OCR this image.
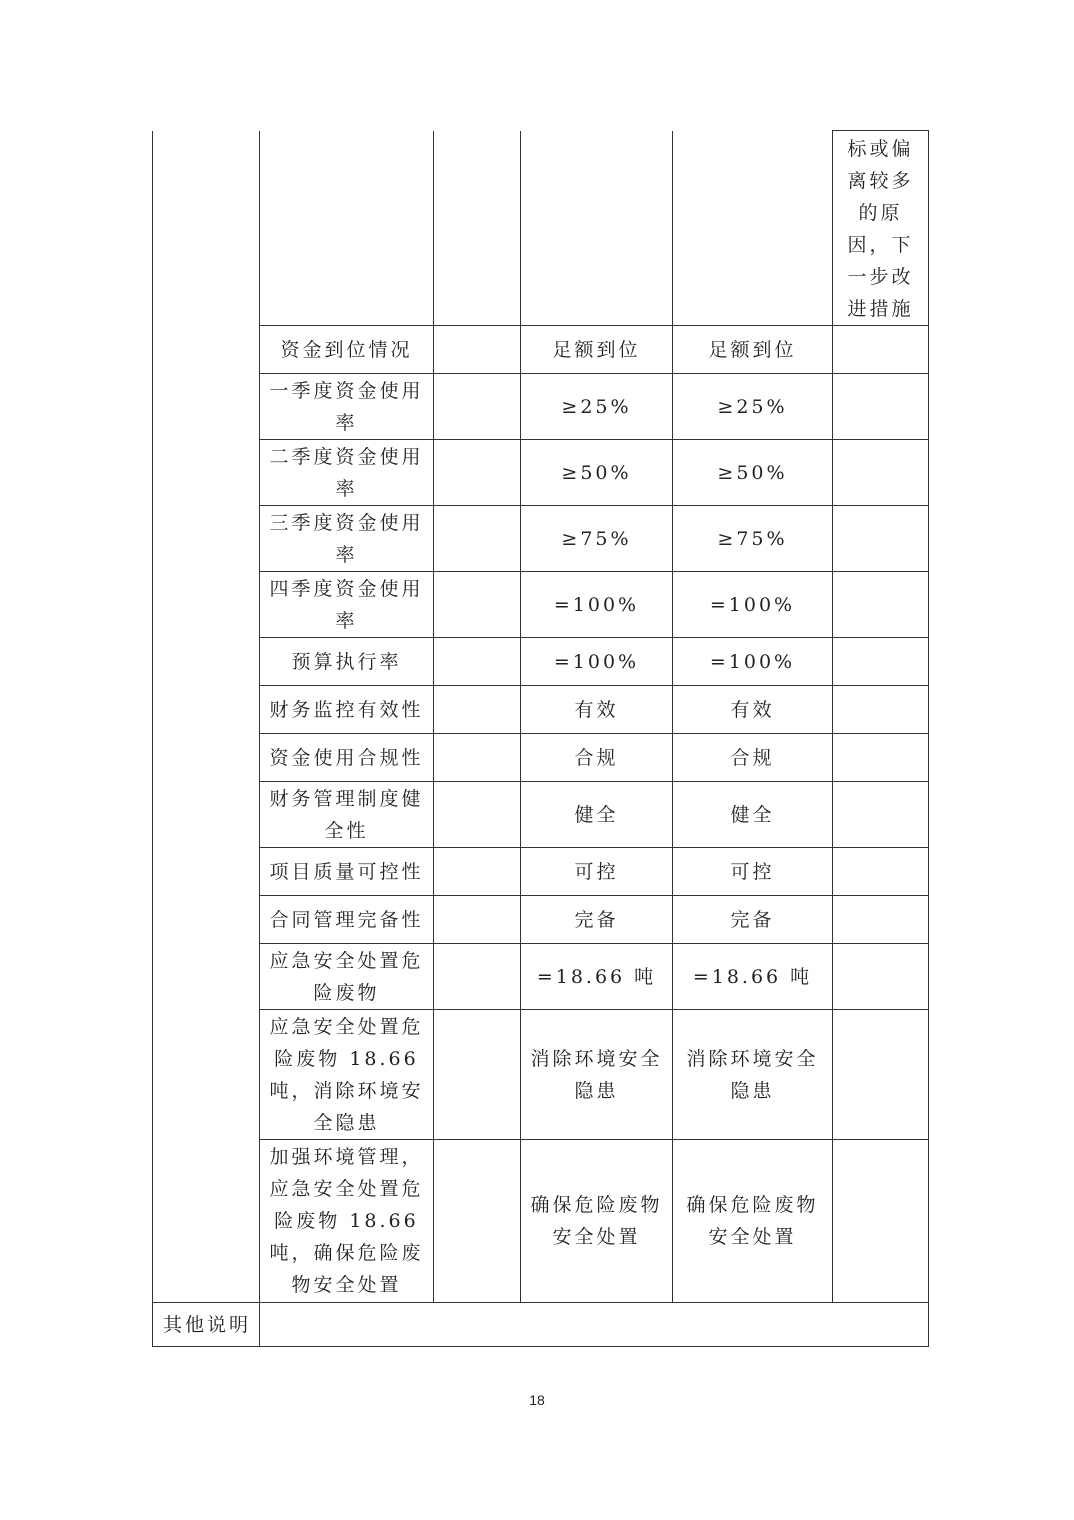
					标或偏离较多的原因，下一步改进措施
	资金到位情况		足额到位	足额到位	
	一季度资金使用率		≥25%	≥25%	
	二季度资金使用率		≥50%	≥50%	
	三季度资金使用率		≥75%	≥75%	
	四季度资金使用率		=100%	=100%	
	预算执行率		=100%	=100%	
	财务监控有效性		有效	有效	
	资金使用合规性		合规	合规	
	财务管理制度健全性		健全	健全	
	项目质量可控性		可控	可控	
	合同管理完备性		完备	完备	
	应急安全处置危险废物		=18.66 吨	=18.66 吨	
	应急安全处置危险废物 18.66 吨，消除环境安全隐患		消除环境安全隐患	消除环境安全隐患	
	加强环境管理，应急安全处置危险废物 18.66 吨，确保危险废物安全处置		确保危险废物安全处置	确保危险废物安全处置	
其他说明					
18
